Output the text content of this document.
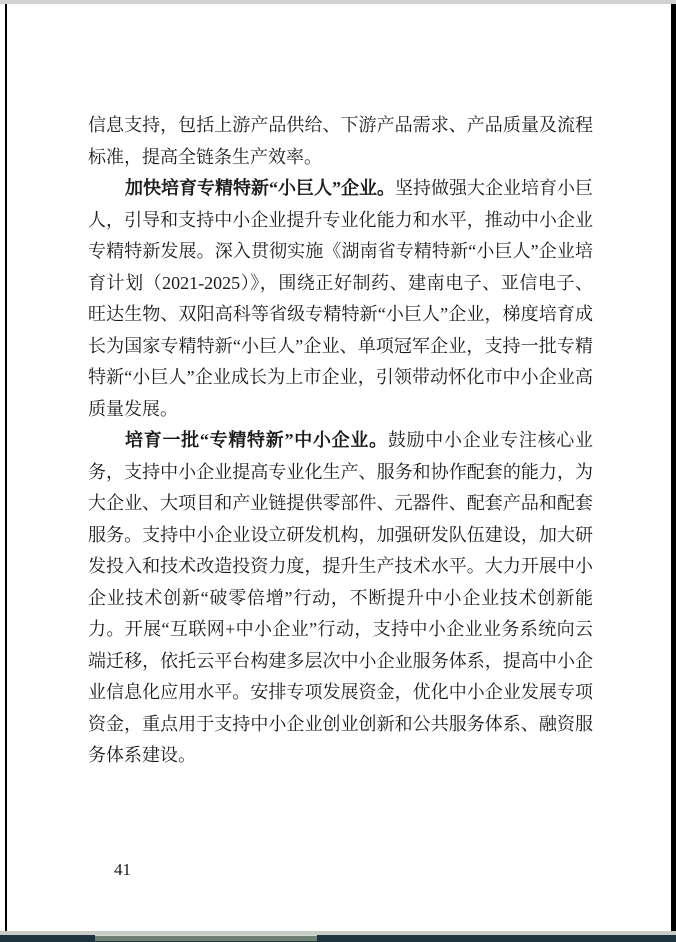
信息支持，包括上游产品供给、下游产品需求、产品质量及流程
标准，提高全链条生产效率。
加快培育专精特新“小巨人”企业。坚持做强大企业培育小巨
人，引导和支持中小企业提升专业化能力和水平，推动中小企业
专精特新发展。深入贯彻实施《湖南省专精特新“小巨人”企业培
育计划（2021-2025）》，围绕正好制药、建南电子、亚信电子、
旺达生物、双阳高科等省级专精特新“小巨人”企业，梯度培育成
长为国家专精特新“小巨人”企业、单项冠军企业，支持一批专精
特新“小巨人”企业成长为上市企业，引领带动怀化市中小企业高
质量发展。
培育一批“专精特新”中小企业。鼓励中小企业专注核心业
务，支持中小企业提高专业化生产、服务和协作配套的能力，为
大企业、大项目和产业链提供零部件、元器件、配套产品和配套
服务。支持中小企业设立研发机构，加强研发队伍建设，加大研
发投入和技术改造投资力度，提升生产技术水平。大力开展中小
企业技术创新“破零倍增”行动，不断提升中小企业技术创新能
力。开展“互联网+中小企业”行动，支持中小企业业务系统向云
端迁移，依托云平台构建多层次中小企业服务体系，提高中小企
业信息化应用水平。安排专项发展资金，优化中小企业发展专项
资金，重点用于支持中小企业创业创新和公共服务体系、融资服
务体系建设。
41
